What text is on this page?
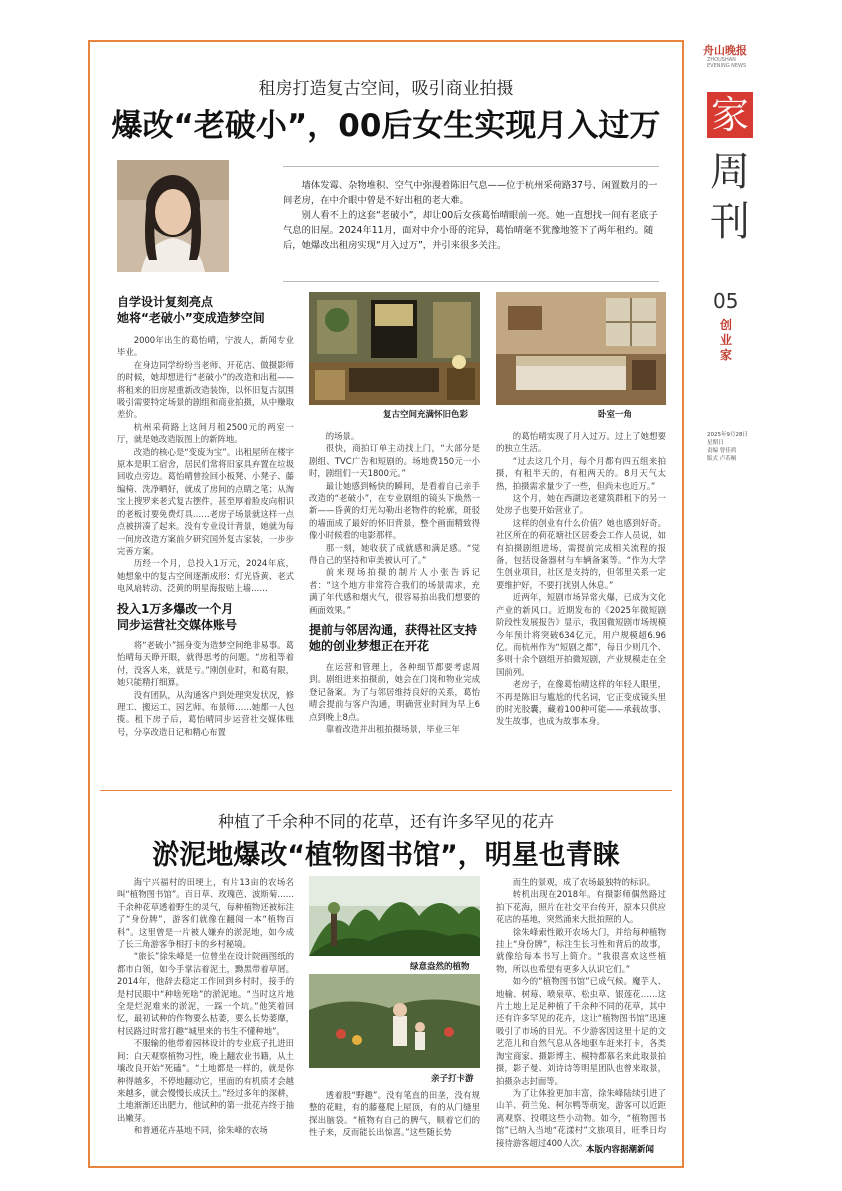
舟山晚报
ZHOUSHAN EVENING NEWS
家
周
刊
05
创业家
2025年9月28日
星期日
责编 曾佳鸿
版式 卢若桐
租房打造复古空间，吸引商业拍摄
爆改“老破小”，00后女生实现月入过万

墙体发霉、杂物堆积、空气中弥漫着陈旧气息——位于杭州采荷路37号、闲置数月的一间老房，在中介眼中曾是不好出租的老大难。

别人看不上的这套“老破小”，却让00后女孩葛怡晴眼前一亮。她一直想找一间有老底子气息的旧屋。2024年11月，面对中介小哥的诧异，葛怡晴毫不犹豫地签下了两年租约。随后，她爆改出租房实现“月入过万”，并引来很多关注。

自学设计复刻亮点
她将“老破小”变成造梦空间

2000年出生的葛怡晴，宁波人，新闻专业毕业。

在身边同学纷纷当老师、开花店、做摄影师的时候，她却想进行“老破小”的改造和出租——将租来的旧房屋重新改造装饰，以怀旧复古氛围吸引需要特定场景的剧组和商业拍摄，从中赚取差价。

杭州采荷路上这间月租2500元的两室一厅，就是她改造版图上的新阵地。

改造的核心是“变废为宝”。出租屋所在楼宇原本是职工宿舍，居民们常将旧家具弃置在垃圾回收点旁边。葛怡晴曾捡回小板凳、小凳子、藤编椅、洗净晒好，就成了房间的点睛之笔；从淘宝上搜罗来老式复古摆件，甚至厚着脸皮向相识的老板讨要免费灯具……老房子场景就这样一点点被拼凑了起来。没有专业设计背景，她就为每一间房改造方案前夕研究国外复古家装，一步步完善方案。

历经一个月，总投入1万元，2024年底，她想象中的复古空间逐渐成形：灯光昏黄、老式电风扇转动、泛黄的明星海报贴上墙……

投入1万多爆改一个月
同步运营社交媒体账号

将“老破小”摇身变为造梦空间绝非易事。葛怡晴每天睁开眼，就得思考的问题。“房租等着付，没客人来，就是亏。”刚创业时，和葛有限，她只能精打细算。

没有团队，从沟通客户到处理突发状况，修理工、搬运工、园艺师、布景师……她都一人包揽。租下房子后，葛怡晴同步运营社交媒体账号，分享改造日记和精心布置

复古空间充满怀旧色彩	卧室一角

的场景。

很快，商拍订单主动找上门，“大部分是剧组、TVC广告和短剧的。场地费150元一小时，剧组们一天1800元。”

最让她感到畅快的瞬间，是看着自己亲手改造的“老破小”，在专业剧组的镜头下焕然一新——昏黄的灯光勾勒出老物件的轮廓，斑驳的墙面成了最好的怀旧背景，整个画面精致得像小时候看的电影那样。

那一刻，她收获了成就感和满足感。“觉得自己的坚持和审美被认可了。”

前来现场拍摄的制片人小张告诉记者：“这个地方非常符合我们的场景需求，充满了年代感和烟火气，很容易拍出我们想要的画面效果。”

提前与邻居沟通，获得社区支持
她的创业梦想正在开花

在运营和管理上，各种细节都要考虑周到。剧组进来拍摄前，她会在门岗和物业完成登记备案。为了与邻居维持良好的关系，葛怡晴会提前与客户沟通，明确营业时间为早上6点到晚上8点。

靠着改造并出租拍摄场景，毕业三年

的葛怡晴实现了月入过万。过上了她想要的独立生活。

“过去这几个月，每个月都有四五组来拍摄，有租半天的，有租两天的。8月天气太热，拍摄需求量少了一些，但尚未也近万。”

这个月，她在西湖边老建筑群租下的另一处房子也要开始营业了。

这样的创业有什么价值？她也感到好奇。社区所在的荷花塘社区居委会工作人员说，如有拍摄剧组进场，需提前完成相关流程的报备，包括设备器材与车辆备案等。“作为大学生创业项目，社区是支持的，但邻里关系一定要维护好，不要打扰别人休息。”

近两年，短剧市场异常火爆，已成为文化产业的新风口。近期发布的《2025年微短剧阶段性发展报告》显示，我国微短剧市场规模今年预计将突破634亿元，用户规模超6.96亿。而杭州作为“短剧之都”，每日少则几个、多则十余个剧组开拍微短剧，产业规模走在全国前列。

老房子，在像葛怡晴这样的年轻人眼里，不再是陈旧与尴尬的代名词，它正变成镜头里的时光胶囊，藏着100种可能——承载故事、发生故事，也成为故事本身。

种植了千余种不同的花草，还有许多罕见的花卉
淤泥地爆改“植物图书馆”，明星也青睐

海宁兴福村的田埂上，有片13亩的农场名叫“植物图书馆”。百日草、玫瑰芭、波斯菊……千余种花草透着野生的灵气，每种植物还被标注了“身份牌”，游客们就像在翻阅一本“植物百科”。这里曾是一片被人嫌弃的淤泥地，如今成了长三角游客争相打卡的乡村秘境。

“旅长”徐朱峰是一位曾坐在设计院画图纸的都市白领，如今手掌沾着泥土，黝黑带着草屑。2014年，他辞去稳定工作回到乡村时，接手的是村民眼中“种啥死啥”的淤泥地。“当时这片地全是烂泥难来的淤泥，一踩一个坑。”他笑着回忆，最初试种的作物要么枯萎，要么长势萎靡，村民路过时常打趣“城里来的书生不懂种地”。

不服输的他带着园林设计的专业底子扎进田间：白天观察植物习性，晚上翻农业书籍，从土壤改良开始“死磕”。“土地都是一样的，就是你种得越多，不停地翻动它，里面的有机质才会越来越多，就会慢慢长成沃土。”经过多年的深耕，土地渐渐还出肥力，他试种的第一批花卉终于抽出嫩芽。

和普通花卉基地不同，徐朱峰的农场

绿意盎然的植物
亲子打卡游

透着股“野趣”。没有笔直的田垄，没有规整的花畦，有的藤蔓爬上屋顶，有的从门缝里探出脑袋。“植物有自己的脾气，顺着它们的性子来，反而能长出惊喜。”这些随长势

而生的景观，成了农场最独特的标识。

转机出现在2018年。有摄影师偶然路过拍下花海，照片在社交平台传开，原本只供应花店的基地，突然涌来大批拍照的人。

徐朱峰索性敞开农场大门，并给每种植物挂上“身份牌”，标注生长习性和背后的故事，就像给每本书写上简介。“我很喜欢这些植物，所以也希望有更多人认识它们。”

如今的“植物图书馆”已成气候。魔芋人、地榆、树莓、喷泉草、松虫草、银莲花……这片土地上足足种植了千余种不同的花草，其中还有许多罕见的花卉，这让“植物图书馆”迅速吸引了市场的目光。不少游客因这里十足的文艺范儿和自然气息从各地驱车赶来打卡，各类淘宝商家、摄影博主、模特都慕名来此取景拍摄，影子曼、刘诗诗等明星团队也曾来取景，拍摄杂志封面等。

为了让体验更加丰富，徐朱峰陆续引进了山羊、荷兰兔、柯尔鸭等萌宠，游客可以近距离观察、投喂这些小动物。如今，“植物图书馆”已纳入当地“花漾村”文旅项目，旺季日均接待游客超过400人次。

本版内容据潮新闻
